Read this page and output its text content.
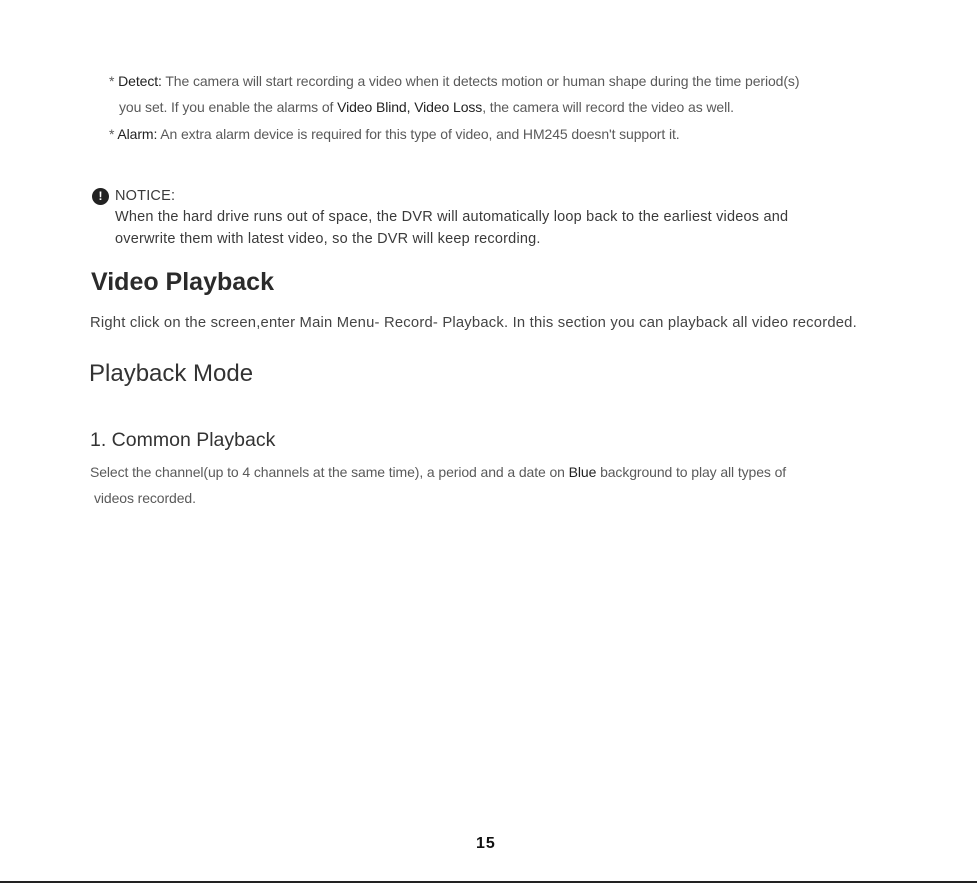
* Detect: The camera will start recording a video when it detects motion or human shape during the time period(s)
you set. If you enable the alarms of Video Blind, Video Loss, the camera will record the video as well.
* Alarm: An extra alarm device is required for this type of video, and HM245 doesn't support it.
! NOTICE:
When the hard drive runs out of space, the DVR will automatically loop back to the earliest videos and
overwrite them with latest video, so the DVR will keep recording.
Video Playback
Right click on the screen,enter Main Menu- Record- Playback. In this section you can playback all video recorded.
Playback Mode
1. Common Playback
Select the channel(up to 4 channels at the same time), a period and a date on Blue background to play all types of
videos recorded.
15
